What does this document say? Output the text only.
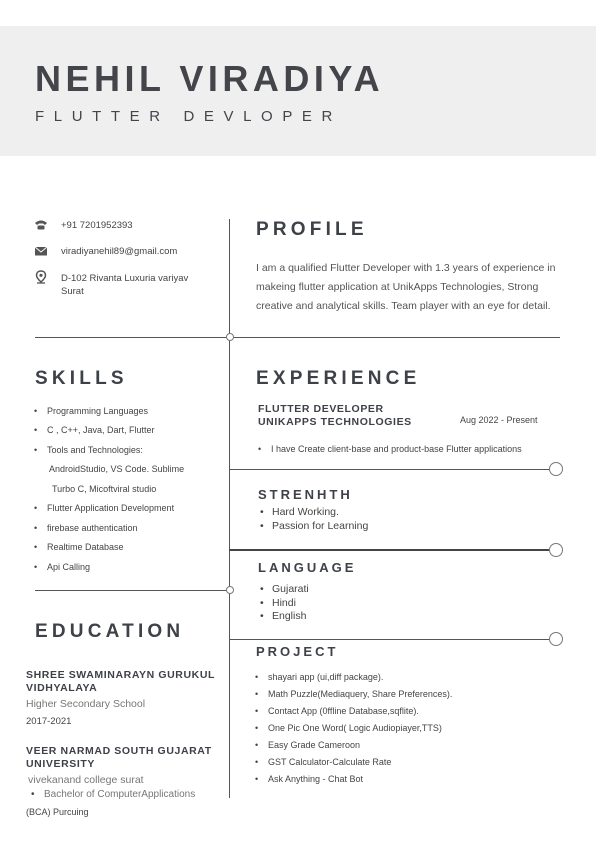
NEHIL VIRADIYA
FLUTTER DEVLOPER
+91 7201952393
viradiyanehil89@gmail.com
D-102 Rivanta Luxuria variyav
Surat
PROFILE
I am a qualified Flutter Developer with 1.3 years of experience in
makeing flutter application at UnikApps Technologies, Strong
creative and analytical skills. Team player with an eye for detail.
SKILLS
• Programming Languages
• C , C++, Java, Dart, Flutter
• Tools and Technologies:
• Flutter Application Development
• firebase authentication
• Realtime Database
• Api Calling
AndroidStudio, VS Code. Sublime
Turbo C, Micoftviral studio
EXPERIENCE
FLUTTER DEVELOPER
UNIKAPPS TECHNOLOGIES	Aug 2022 - Present
• I have Create client-base and product-base Flutter applications
STRENHTH
• Hard Working.
• Passion for Learning
LANGUAGE
• Gujarati
• Hindi
• English
PROJECT
• shayari app (ui,diff package).
• Math Puzzle(Mediaquery, Share Preferences).
• Contact App (0ffline Database,sqflite).
• One Pic One Word( Logic Audiopiayer,TTS)
• Easy Grade Cameroon
• GST Calculator-Calculate Rate
• Ask Anything - Chat Bot
EDUCATION
SHREE SWAMINARAYN GURUKUL
VIDHYALAYA
Higher Secondary School
2017-2021
VEER NARMAD SOUTH GUJARAT
UNIVERSITY
vivekanand college surat
• Bachelor of ComputerApplications
(BCA) Purcuing
